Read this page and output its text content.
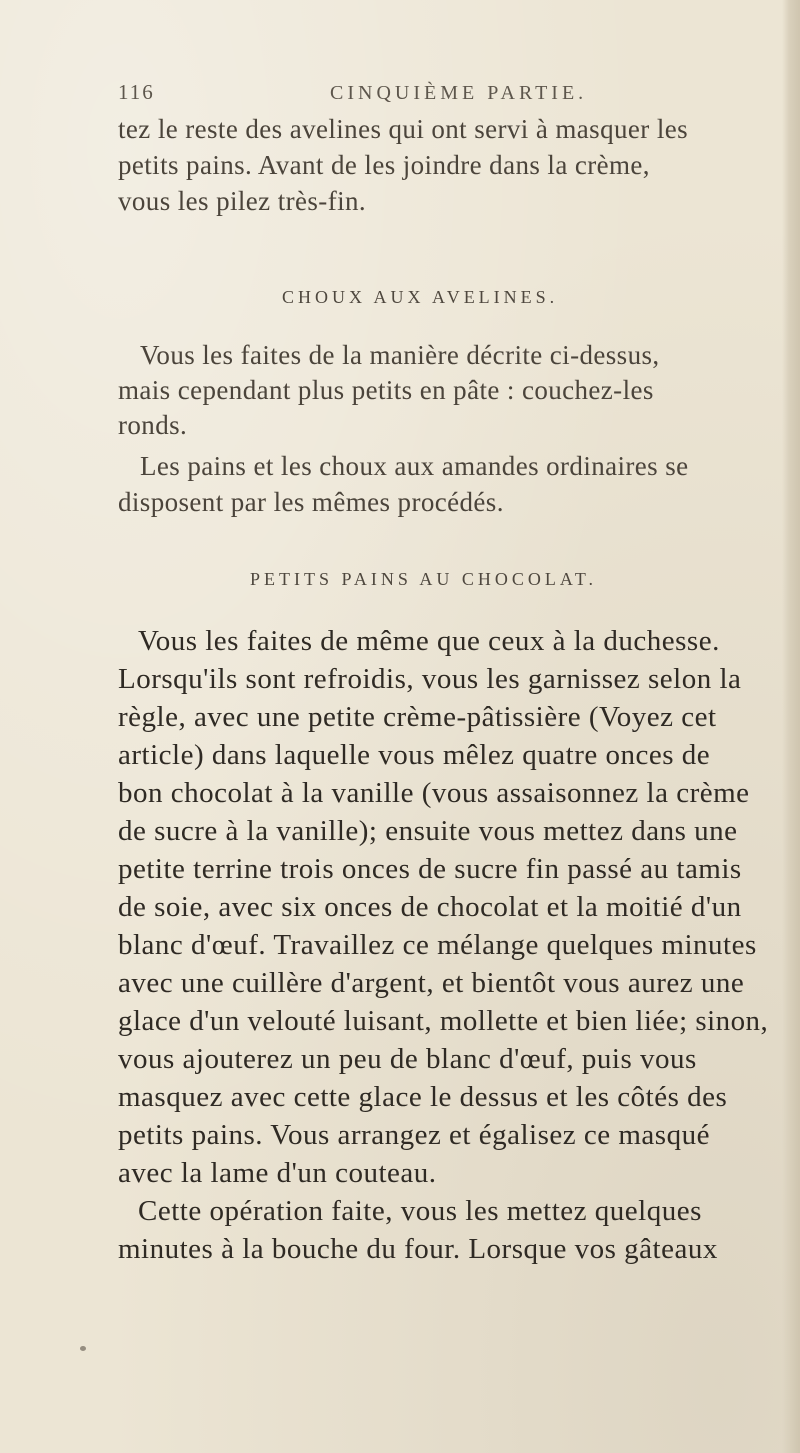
116	CINQUIÈME PARTIE.
tez le reste des avelines qui ont servi à masquer les
petits pains. Avant de les joindre dans la crème,
vous les pilez très-fin.
CHOUX AUX AVELINES.
Vous les faites de la manière décrite ci-dessus,
mais cependant plus petits en pâte : couchez-les
ronds.
Les pains et les choux aux amandes ordinaires se
disposent par les mêmes procédés.
PETITS PAINS AU CHOCOLAT.
Vous les faites de même que ceux à la duchesse.
Lorsqu'ils sont refroidis, vous les garnissez selon la
règle, avec une petite crème-pâtissière (Voyez cet
article) dans laquelle vous mêlez quatre onces de
bon chocolat à la vanille (vous assaisonnez la crème
de sucre à la vanille); ensuite vous mettez dans une
petite terrine trois onces de sucre fin passé au tamis
de soie, avec six onces de chocolat et la moitié d'un
blanc d'œuf. Travaillez ce mélange quelques minutes
avec une cuillère d'argent, et bientôt vous aurez une
glace d'un velouté luisant, mollette et bien liée; sinon,
vous ajouterez un peu de blanc d'œuf, puis vous
masquez avec cette glace le dessus et les côtés des
petits pains. Vous arrangez et égalisez ce masqué
avec la lame d'un couteau.
Cette opération faite, vous les mettez quelques
minutes à la bouche du four. Lorsque vos gâteaux
